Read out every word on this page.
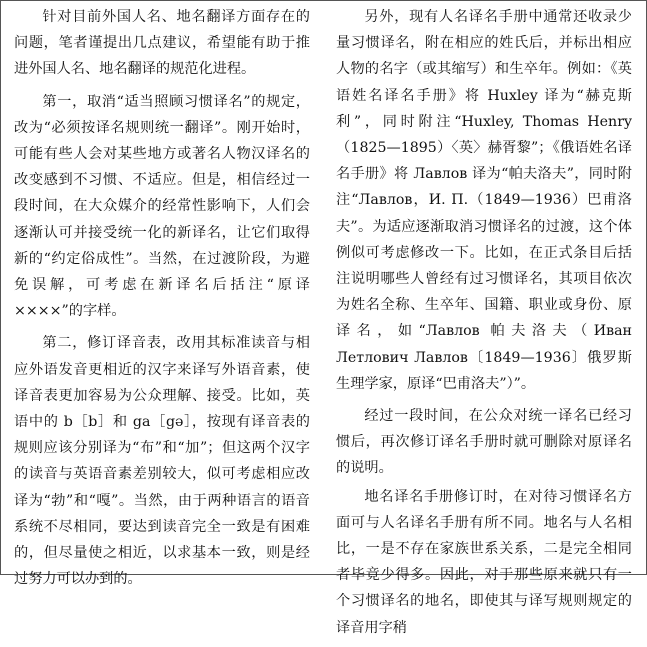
针对目前外国人名、地名翻译方面存在的问题，笔者谨提出几点建议，希望能有助于推进外国人名、地名翻译的规范化进程。

第一，取消“适当照顾习惯译名”的规定，改为“必须按译名规则统一翻译”。刚开始时，可能有些人会对某些地方或著名人物汉译名的改变感到不习惯、不适应。但是，相信经过一段时间，在大众媒介的经常性影响下，人们会逐渐认可并接受统一化的新译名，让它们取得新的“约定俗成性”。当然，在过渡阶段，为避免误解，可考虑在新译名后括注“原译××××”的字样。

第二，修订译音表，改用其标准读音与相应外语发音更相近的汉字来译写外语音素，使译音表更加容易为公众理解、接受。比如，英语中的 b［b］和 ga［gə］，按现有译音表的规则应该分别译为“布”和“加”；但这两个汉字的读音与英语音素差别较大，似可考虑相应改译为“勃”和“嘎”。当然，由于两种语言的语音系统不尽相同，要达到读音完全一致是有困难的，但尽量使之相近，以求基本一致，则是经过努力可以办到的。

另外，现有人名译名手册中通常还收录少量习惯译名，附在相应的姓氏后，并标出相应人物的名字（或其缩写）和生卒年。例如：《英语姓名译名手册》将 Huxley 译为“赫克斯利”，同时附注“Huxley, Thomas Henry （1825—1895）〈英〉赫胥黎”；《俄语姓名译名手册》将 Лавлов 译为“帕夫洛夫”，同时附注“Лавлов，И. П.（1849—1936）巴甫洛夫”。为适应逐渐取消习惯译名的过渡，这个体例似可考虑修改一下。比如，在正式条目后括注说明哪些人曾经有过习惯译名，其项目依次为姓名全称、生卒年、国籍、职业或身份、原译名，如“Лавлов 帕夫洛夫（Иван Летлович Лавлов〔1849—1936〕俄罗斯生理学家，原译“巴甫洛夫”）”。

经过一段时间，在公众对统一译名已经习惯后，再次修订译名手册时就可删除对原译名的说明。

地名译名手册修订时，在对待习惯译名方面可与人名译名手册有所不同。地名与人名相比，一是不存在家族世系关系，二是完全相同者毕竟少得多。因此，对于那些原来就只有一个习惯译名的地名，即使其与译写规则规定的译音用字稍
